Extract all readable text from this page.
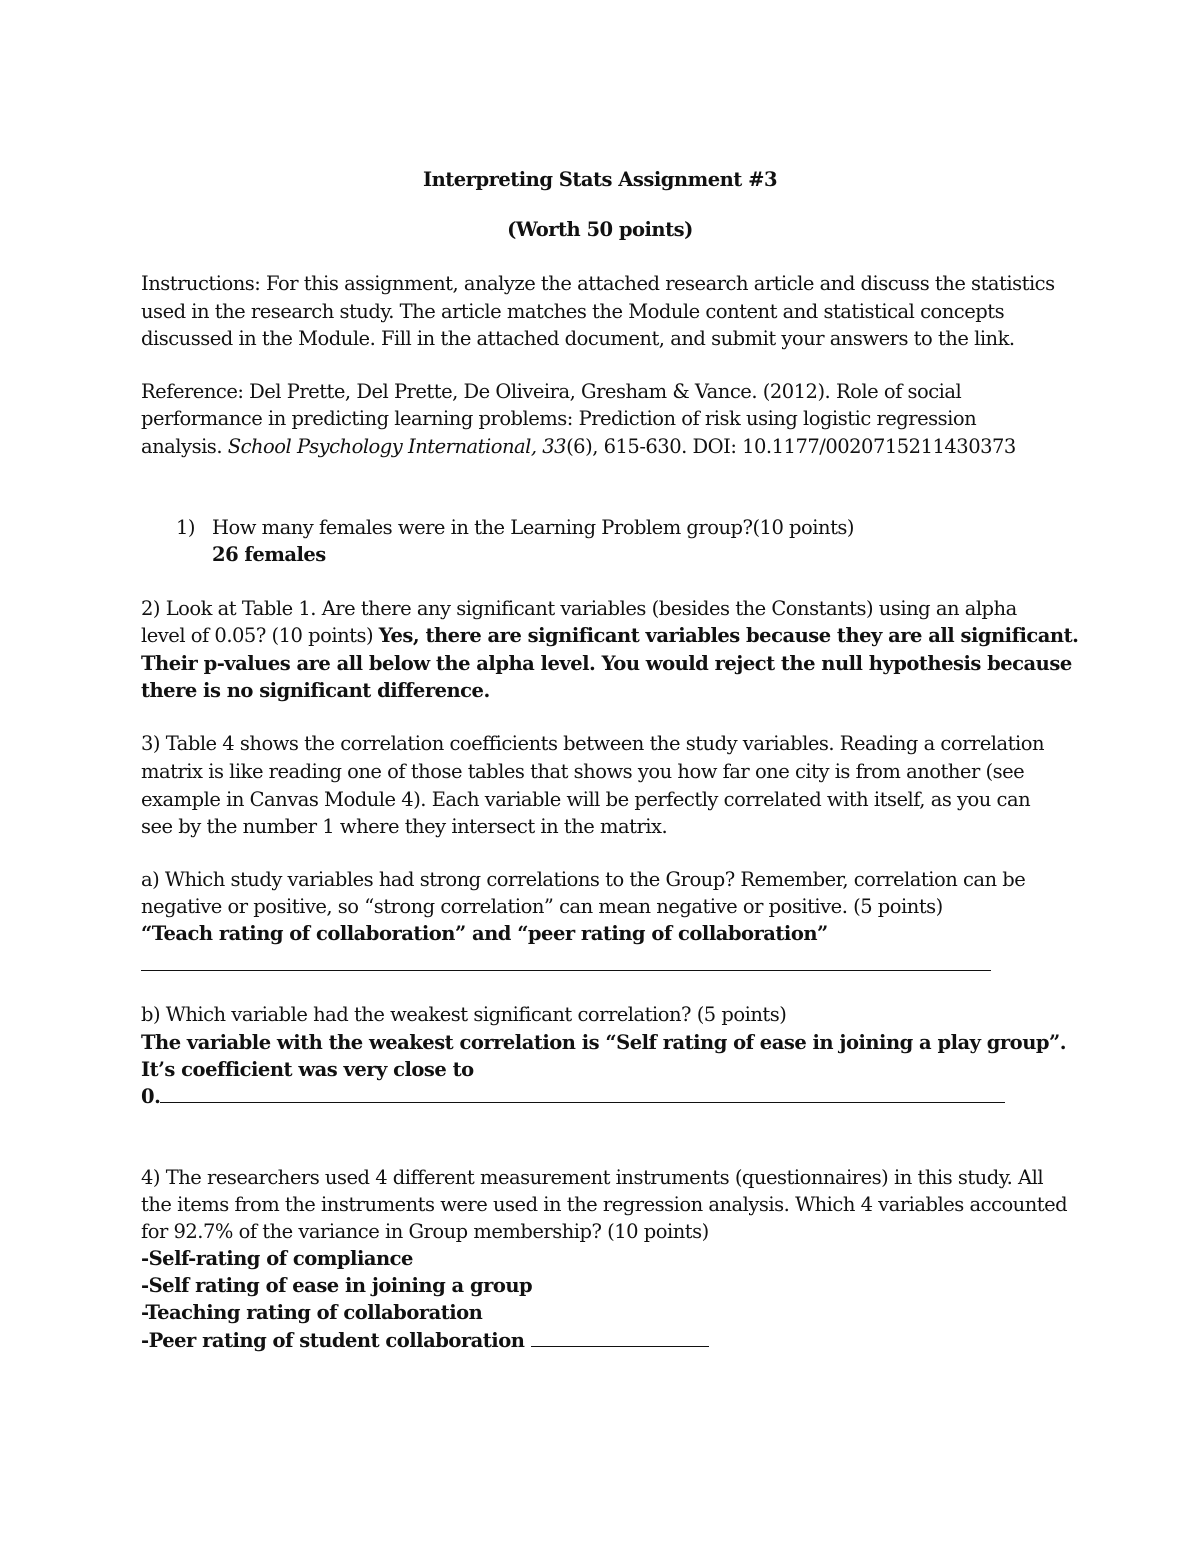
Interpreting Stats Assignment #3
(Worth 50 points)
Instructions: For this assignment, analyze the attached research article and discuss the statistics
used in the research study. The article matches the Module content and statistical concepts
discussed in the Module. Fill in the attached document, and submit your answers to the link.
Reference: Del Prette, Del Prette, De Oliveira, Gresham & Vance. (2012). Role of social
performance in predicting learning problems: Prediction of risk using logistic regression
analysis. School Psychology International, 33(6), 615-630. DOI: 10.1177/0020715211430373
1) How many females were in the Learning Problem group?(10 points)
26 females
2) Look at Table 1. Are there any significant variables (besides the Constants) using an alpha
level of 0.05? (10 points) Yes, there are significant variables because they are all significant.
Their p-values are all below the alpha level. You would reject the null hypothesis because
there is no significant difference.
3) Table 4 shows the correlation coefficients between the study variables. Reading a correlation
matrix is like reading one of those tables that shows you how far one city is from another (see
example in Canvas Module 4). Each variable will be perfectly correlated with itself, as you can
see by the number 1 where they intersect in the matrix.
a) Which study variables had strong correlations to the Group? Remember, correlation can be
negative or positive, so “strong correlation” can mean negative or positive. (5 points)
“Teach rating of collaboration” and “peer rating of collaboration”
b) Which variable had the weakest significant correlation? (5 points)
The variable with the weakest correlation is “Self rating of ease in joining a play group”.
It’s coefficient was very close to
0.
4) The researchers used 4 different measurement instruments (questionnaires) in this study. All
the items from the instruments were used in the regression analysis. Which 4 variables accounted
for 92.7% of the variance in Group membership? (10 points)
-Self-rating of compliance
-Self rating of ease in joining a group
-Teaching rating of collaboration
-Peer rating of student collaboration
